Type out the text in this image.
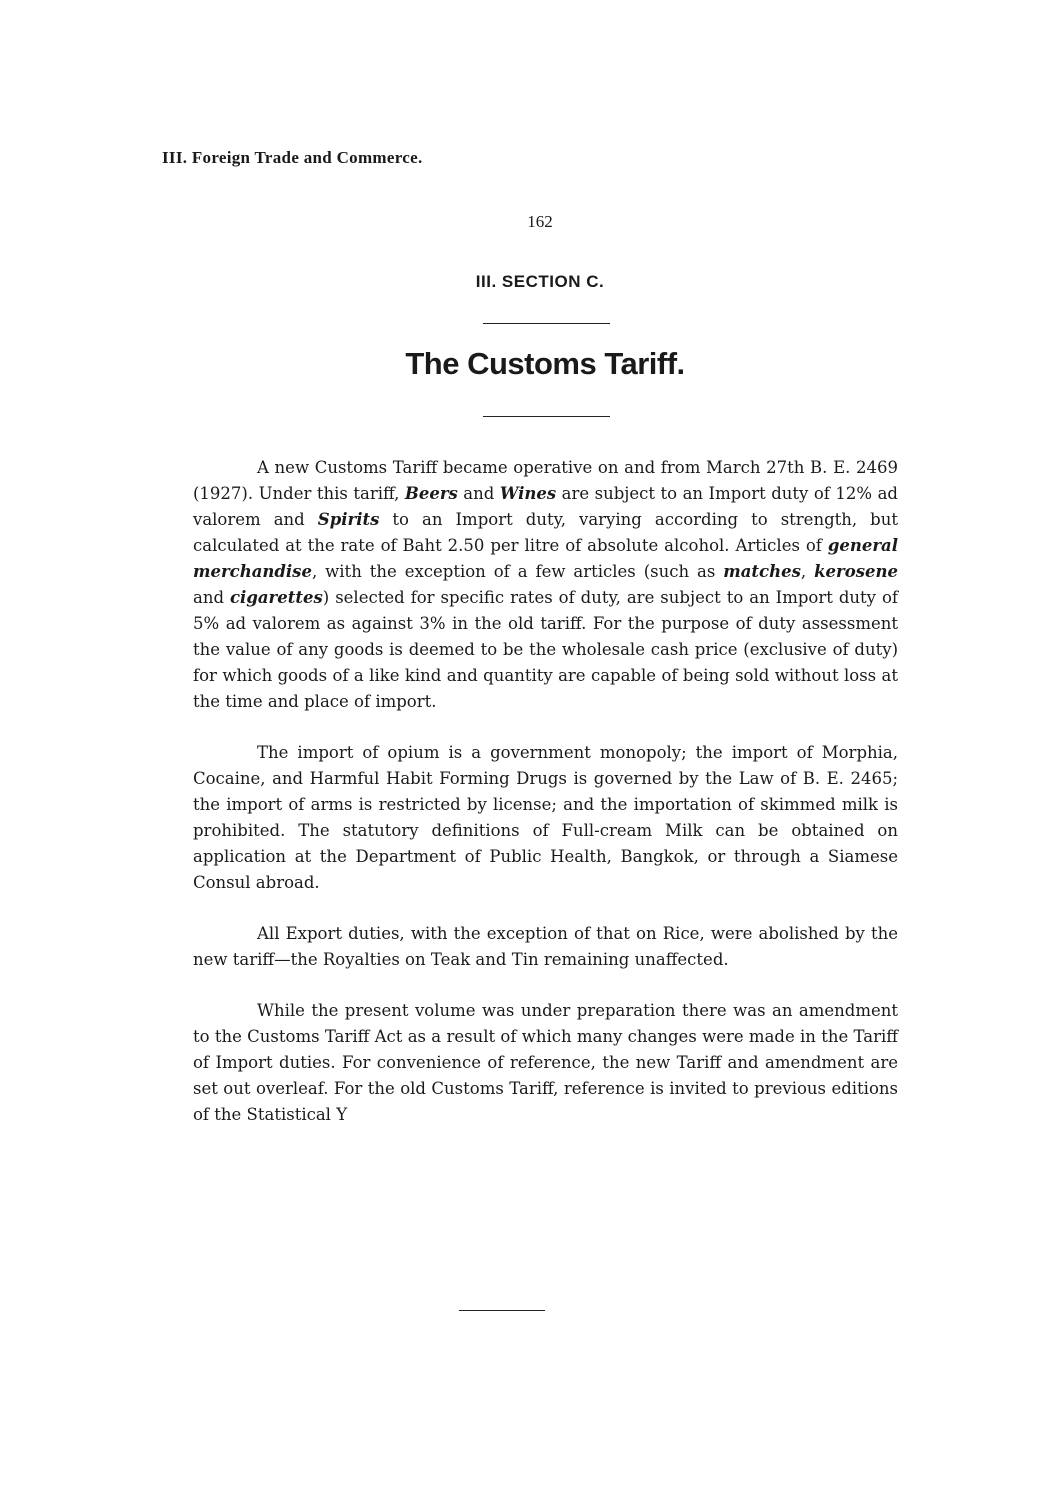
III. Foreign Trade and Commerce.
162
III. SECTION C.
The Customs Tariff.

A new Customs Tariff became operative on and from March 27th B. E. 2469 (1927). Under this tariff, Beers and Wines are subject to an Import duty of 12% ad valorem and Spirits to an Import duty, varying according to strength, but calculated at the rate of Baht 2.50 per litre of absolute alcohol. Articles of general merchandise, with the exception of a few articles (such as matches, kerosene and cigarettes) selected for specific rates of duty, are subject to an Import duty of 5% ad valorem as against 3% in the old tariff. For the purpose of duty assessment the value of any goods is deemed to be the wholesale cash price (exclusive of duty) for which goods of a like kind and quantity are capable of being sold without loss at the time and place of import.

The import of opium is a government monopoly; the import of Morphia, Cocaine, and Harmful Habit Forming Drugs is governed by the Law of B. E. 2465; the import of arms is restricted by license; and the importation of skimmed milk is prohibited. The statutory definitions of Full-cream Milk can be obtained on application at the Department of Public Health, Bangkok, or through a Siamese Consul abroad.

All Export duties, with the exception of that on Rice, were abolished by the new tariff—the Royalties on Teak and Tin remaining unaffected.

While the present volume was under preparation there was an amendment to the Customs Tariff Act as a result of which many changes were made in the Tariff of Import duties. For convenience of reference, the new Tariff and amendment are set out overleaf. For the old Customs Tariff, reference is invited to previous editions of the Statistical Y
